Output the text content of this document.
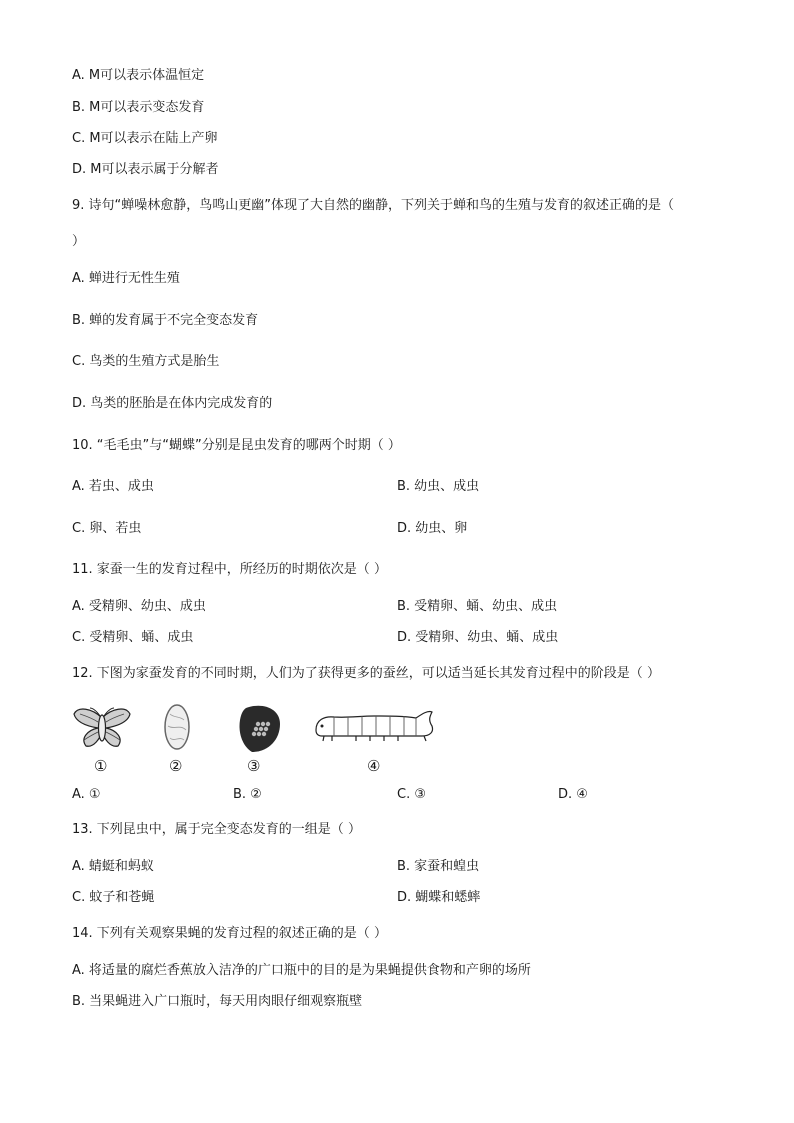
A. M可以表示体温恒定
B. M可以表示变态发育
C. M可以表示在陆上产卵
D. M可以表示属于分解者
9. 诗句“蝉噪林愈静，鸟鸣山更幽”体现了大自然的幽静，下列关于蝉和鸟的生殖与发育的叙述正确的是（
）
A. 蝉进行无性生殖
B. 蝉的发育属于不完全变态发育
C. 鸟类的生殖方式是胎生
D. 鸟类的胚胎是在体内完成发育的
10. “毛毛虫”与“蝴蝶”分别是昆虫发育的哪两个时期（ ）
A. 若虫、成虫	B. 幼虫、成虫
C. 卵、若虫	D. 幼虫、卵
11. 家蚕一生的发育过程中，所经历的时期依次是（ ）
A. 受精卵、幼虫、成虫	B. 受精卵、蛹、幼虫、成虫
C. 受精卵、蛹、成虫	D. 受精卵、幼虫、蛹、成虫
12. 下图为家蚕发育的不同时期，人们为了获得更多的蚕丝，可以适当延长其发育过程中的阶段是（ ）
①	②	③	④
A. ①	B. ②	C. ③	D. ④
13. 下列昆虫中，属于完全变态发育的一组是（ ）
A. 蜻蜓和蚂蚁	B. 家蚕和蝗虫
C. 蚊子和苍蝇	D. 蝴蝶和蟋蟀
14. 下列有关观察果蝇的发育过程的叙述正确的是（ ）
A. 将适量的腐烂香蕉放入洁净的广口瓶中的目的是为果蝇提供食物和产卵的场所
B. 当果蝇进入广口瓶时，每天用肉眼仔细观察瓶壁
